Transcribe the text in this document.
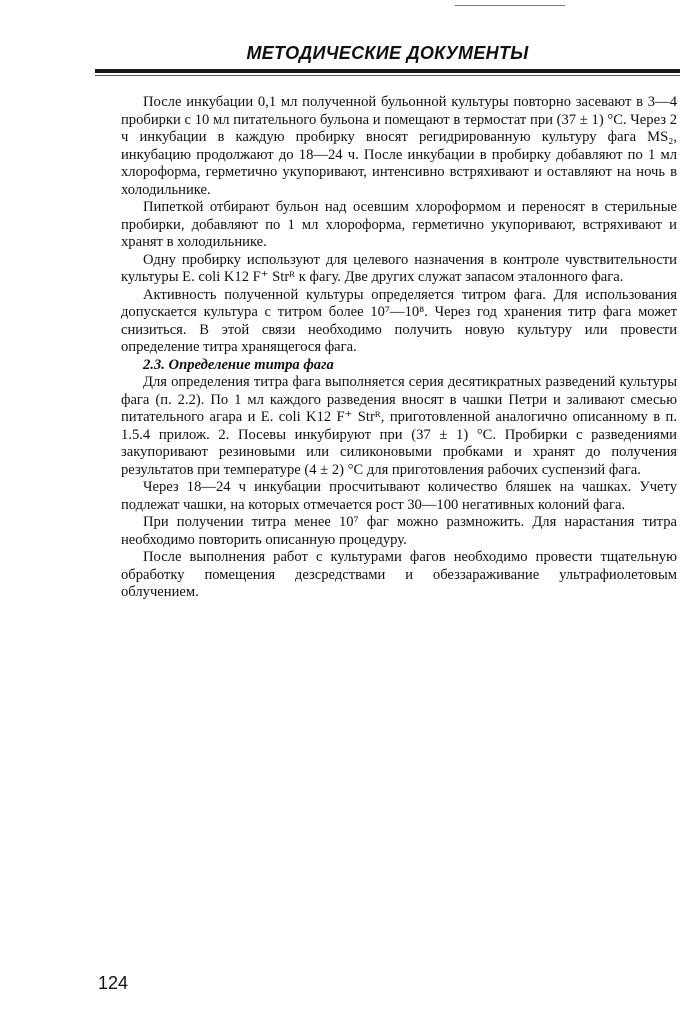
МЕТОДИЧЕСКИЕ ДОКУМЕНТЫ

После инкубации 0,1 мл полученной бульонной культуры повторно засевают в 3—4 пробирки с 10 мл питательного бульона и помещают в термостат при (37 ± 1) °С. Через 2 ч инкубации в каждую пробирку вносят регидрированную культуру фага MS₂, инкубацию продолжают до 18—24 ч. После инкубации в пробирку добавляют по 1 мл хлороформа, герметично укупоривают, интенсивно встряхивают и оставляют на ночь в холодильнике.

Пипеткой отбирают бульон над осевшим хлороформом и переносят в стерильные пробирки, добавляют по 1 мл хлороформа, герметично укупоривают, встряхивают и хранят в холодильнике.

Одну пробирку используют для целевого назначения в контроле чувствительности культуры E. coli K12 F⁺ Strᴿ к фагу. Две других служат запасом эталонного фага.

Активность полученной культуры определяется титром фага. Для использования допускается культура с титром более 10⁷—10⁸. Через год хранения титр фага может снизиться. В этой связи необходимо получить новую культуру или провести определение титра хранящегося фага.

2.3. Определение титра фага

Для определения титра фага выполняется серия десятикратных разведений культуры фага (п. 2.2). По 1 мл каждого разведения вносят в чашки Петри и заливают смесью питательного агара и E. coli K12 F⁺ Strᴿ, приготовленной аналогично описанному в п. 1.5.4 прилож. 2. Посевы инкубируют при (37 ± 1) °С. Пробирки с разведениями закупоривают резиновыми или силиконовыми пробками и хранят до получения результатов при температуре (4 ± 2) °С для приготовления рабочих суспензий фага.

Через 18—24 ч инкубации просчитывают количество бляшек на чашках. Учету подлежат чашки, на которых отмечается рост 30—100 негативных колоний фага.

При получении титра менее 10⁷ фаг можно размножить. Для нарастания титра необходимо повторить описанную процедуру.

После выполнения работ с культурами фагов необходимо провести тщательную обработку помещения дезсредствами и обеззараживание ультрафиолетовым облучением.

124
